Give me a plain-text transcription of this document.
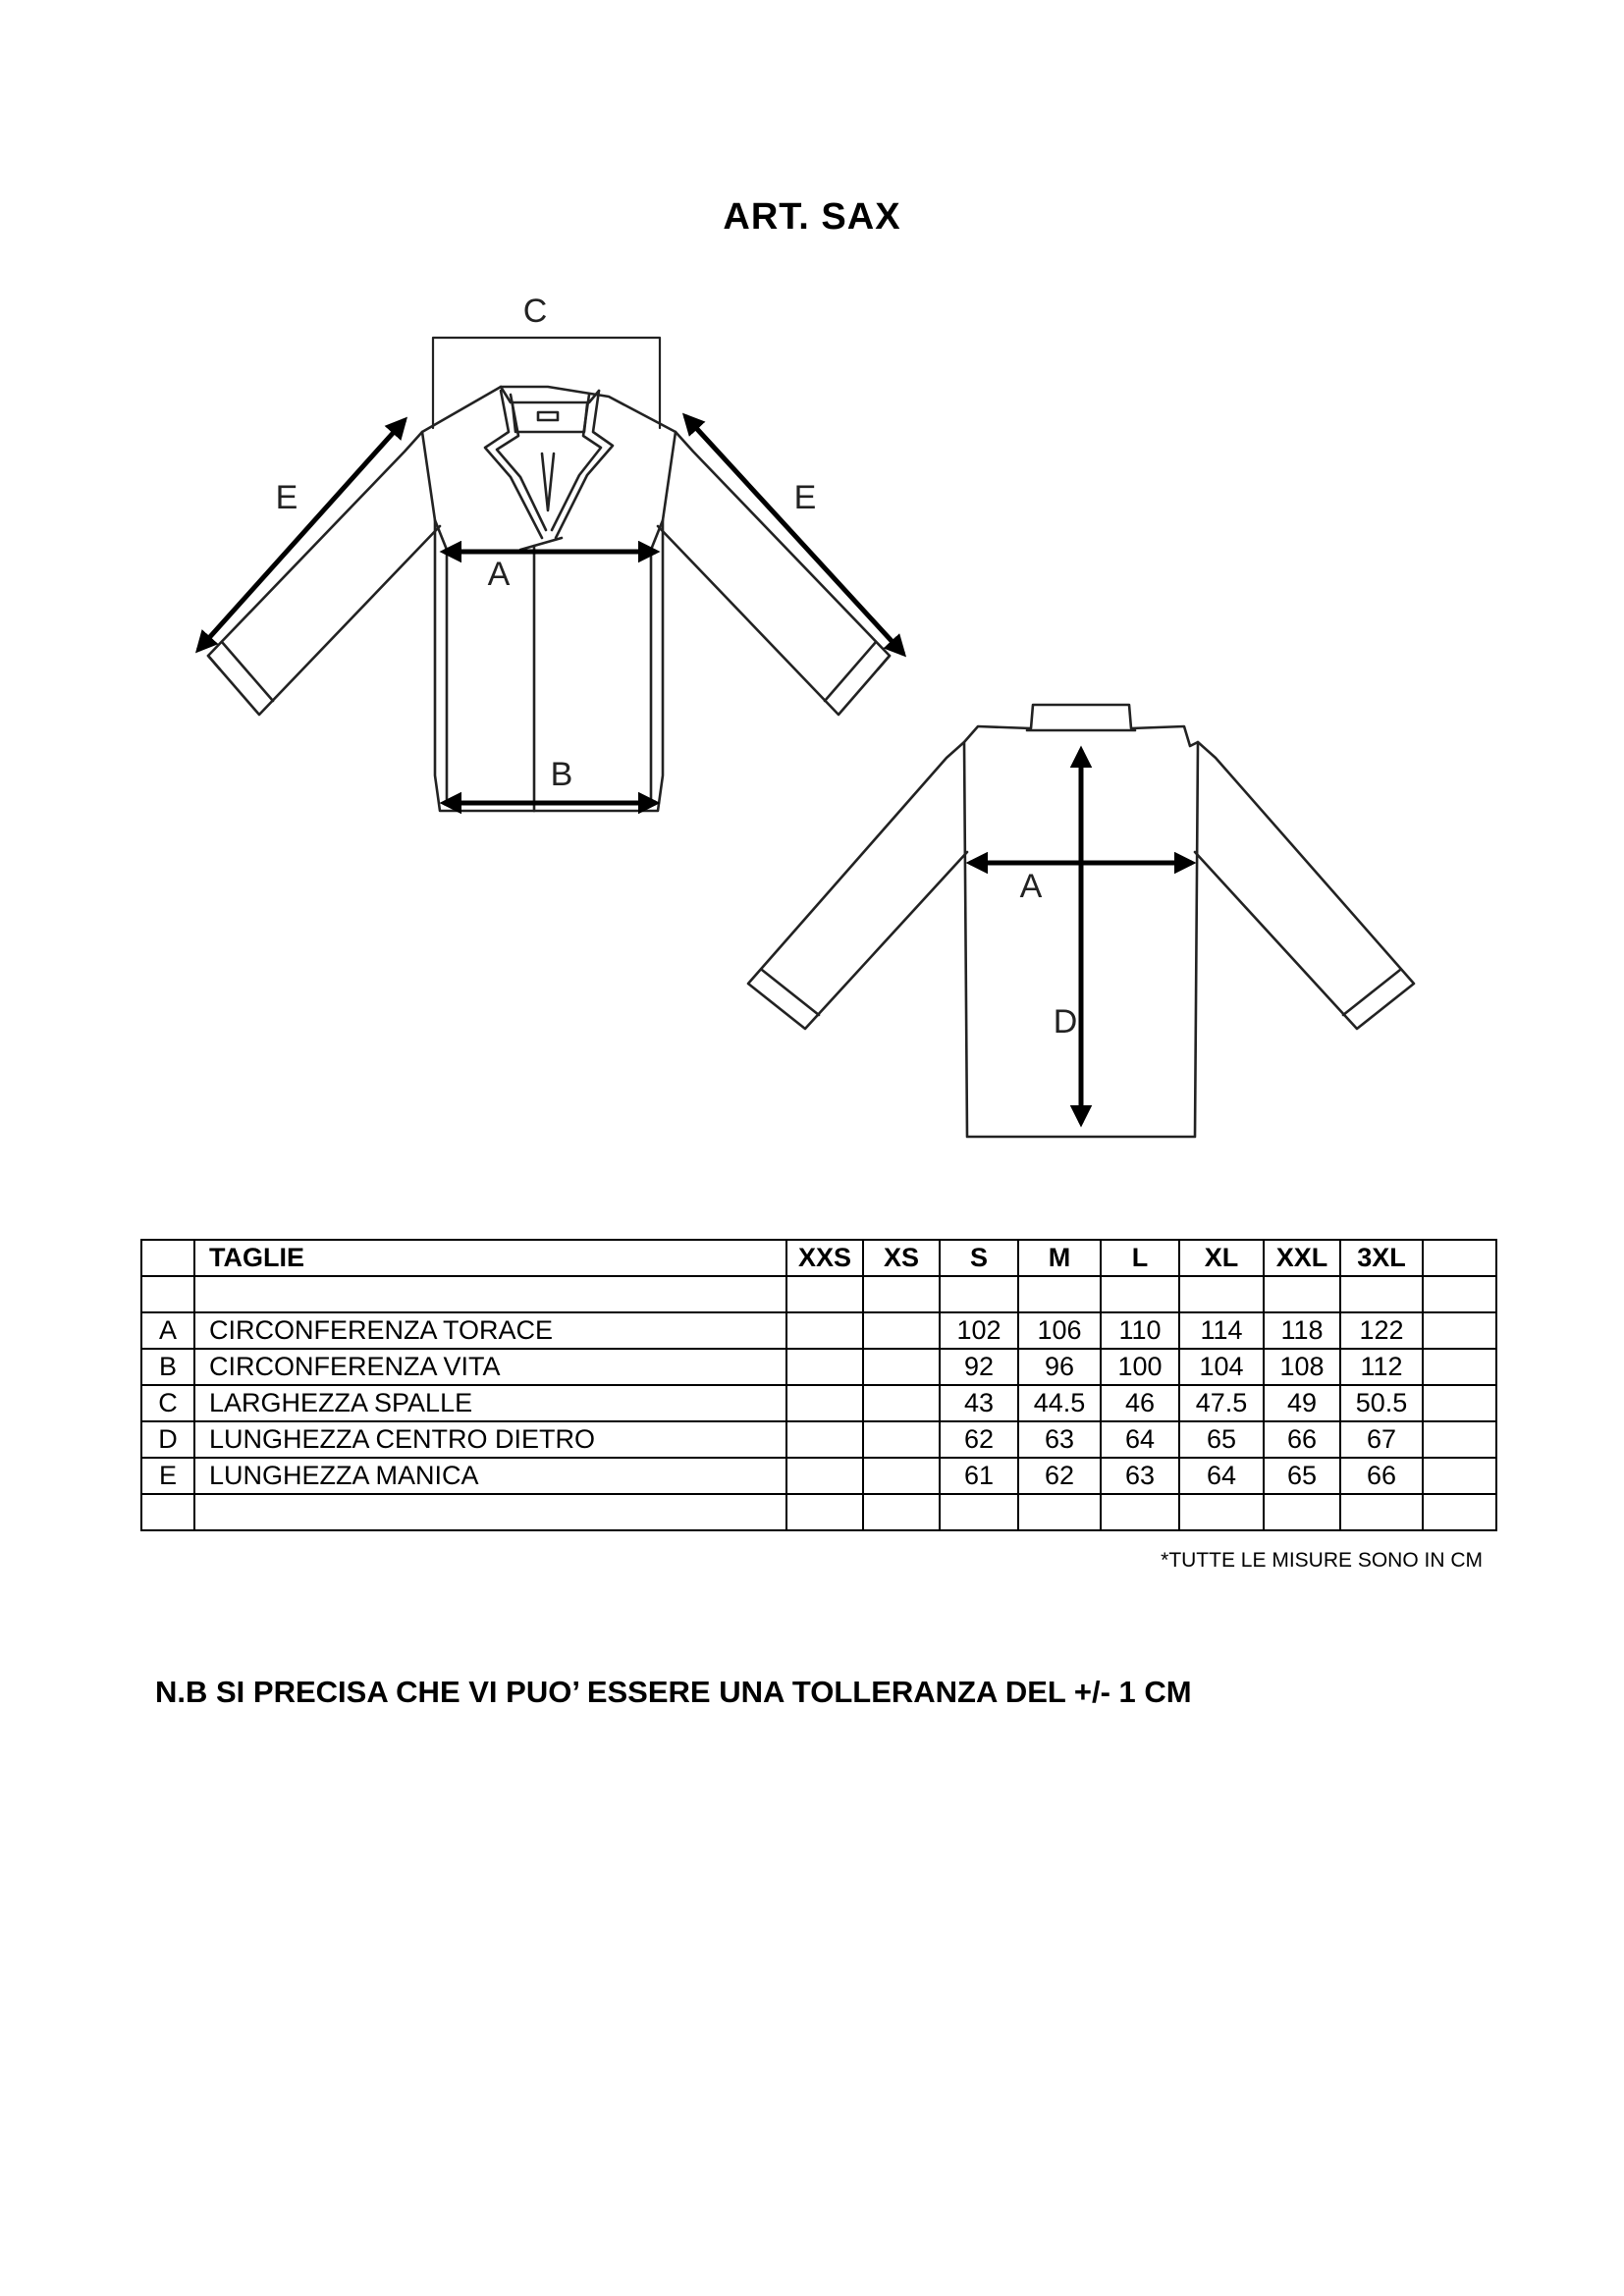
ART. SAX
C
E	E
A
B
A
D
	TAGLIE	XXS	XS	S	M	L	XL	XXL	3XL	

A	CIRCONFERENZA TORACE			102	106	110	114	118	122	
B	CIRCONFERENZA VITA			92	96	100	104	108	112	
C	LARGHEZZA SPALLE			43	44.5	46	47.5	49	50.5	
D	LUNGHEZZA CENTRO DIETRO			62	63	64	65	66	67	
E	LUNGHEZZA MANICA			61	62	63	64	65	66	

*TUTTE LE MISURE SONO IN CM
N.B SI PRECISA CHE VI PUO’ ESSERE UNA TOLLERANZA DEL +/- 1 CM
